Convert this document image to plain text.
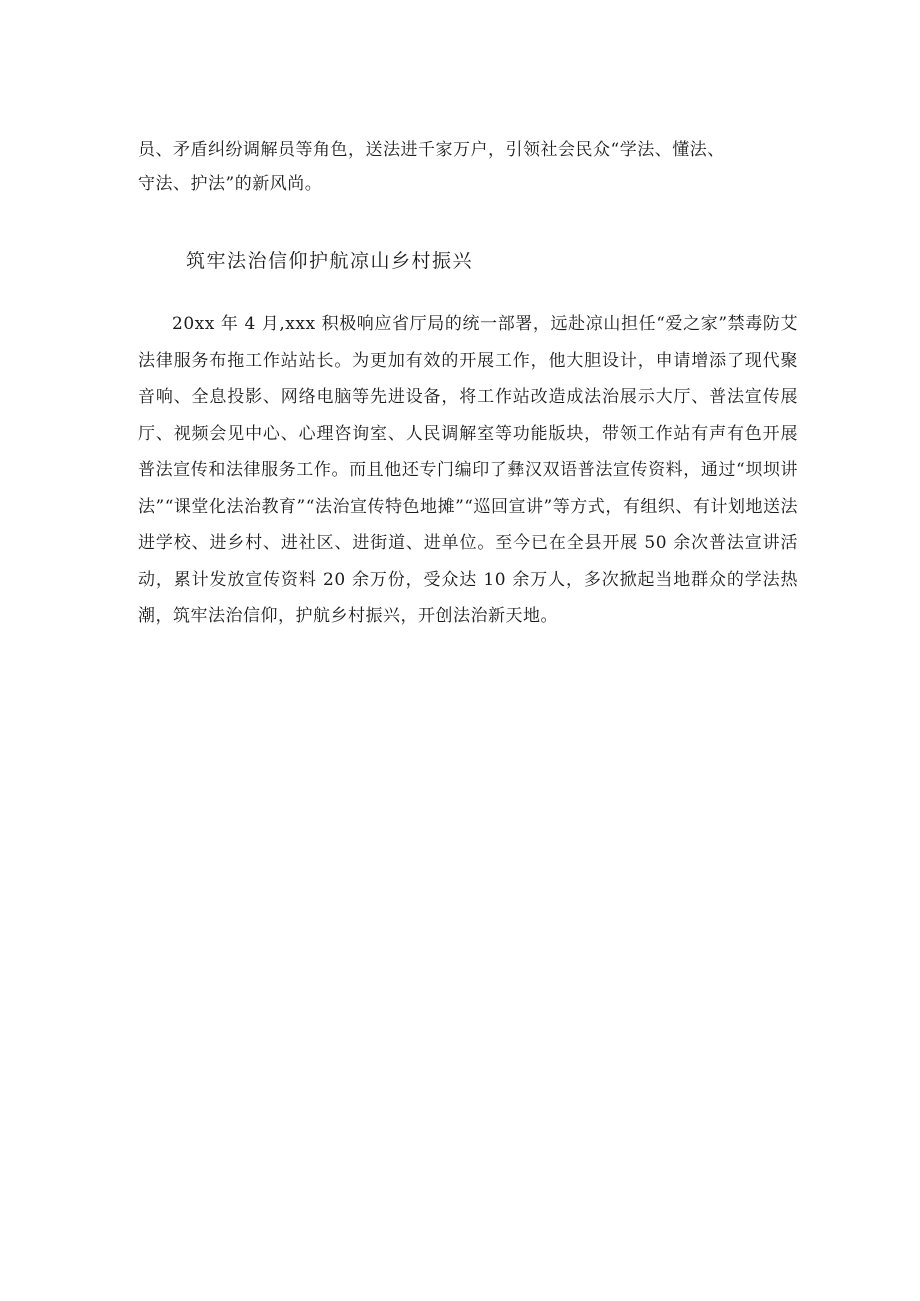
员、矛盾纠纷调解员等角色，送法进千家万户，引领社会民众“学法、懂法、
守法、护法”的新风尚。

筑牢法治信仰护航凉山乡村振兴

20xx 年 4 月,xxx 积极响应省厅局的统一部署，远赴凉山担任“爱之家”禁毒防艾法律服务布拖工作站站长。为更加有效的开展工作，他大胆设计，申请增添了现代聚音响、全息投影、网络电脑等先进设备，将工作站改造成法治展示大厅、普法宣传展厅、视频会见中心、心理咨询室、人民调解室等功能版块，带领工作站有声有色开展普法宣传和法律服务工作。而且他还专门编印了彝汉双语普法宣传资料，通过“坝坝讲法”“课堂化法治教育”“法治宣传特色地摊”“巡回宣讲”等方式，有组织、有计划地送法进学校、进乡村、进社区、进街道、进单位。至今已在全县开展 50 余次普法宣讲活动，累计发放宣传资料 20 余万份，受众达 10 余万人，多次掀起当地群众的学法热潮，筑牢法治信仰，护航乡村振兴，开创法治新天地。
